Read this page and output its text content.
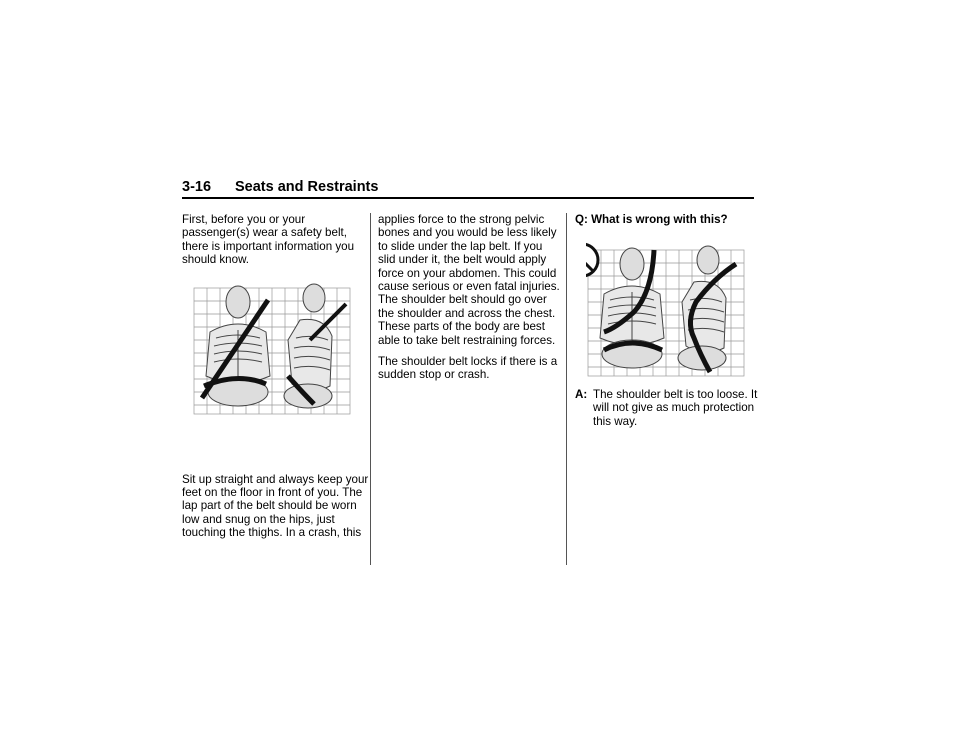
3-16 Seats and Restraints

First, before you or your passenger(s) wear a safety belt, there is important information you should know.

Sit up straight and always keep your feet on the floor in front of you. The lap part of the belt should be worn low and snug on the hips, just touching the thighs. In a crash, this

applies force to the strong pelvic bones and you would be less likely to slide under the lap belt. If you slid under it, the belt would apply force on your abdomen. This could cause serious or even fatal injuries. The shoulder belt should go over the shoulder and across the chest. These parts of the body are best able to take belt restraining forces.

The shoulder belt locks if there is a sudden stop or crash.

Q: What is wrong with this?
A: The shoulder belt is too loose. It will not give as much protection this way.
